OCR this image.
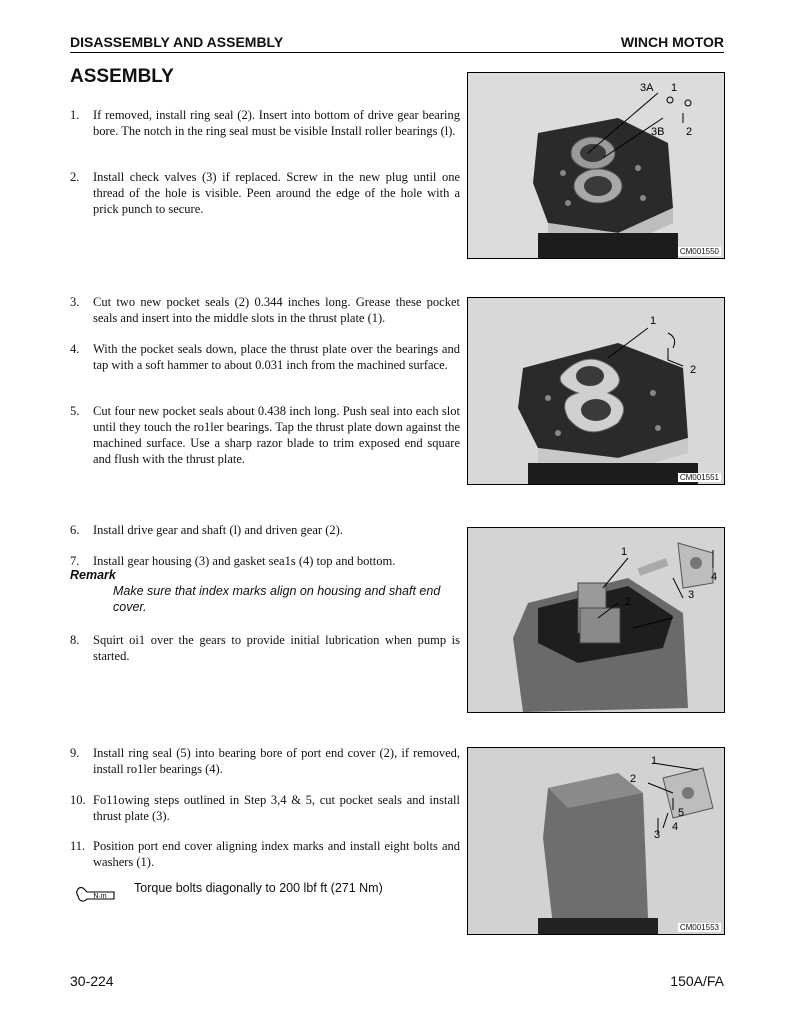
DISASSEMBLY AND ASSEMBLY	WINCH MOTOR
ASSEMBLY
1. If removed, install ring seal (2). Insert into bottom of drive gear bearing bore. The notch in the ring seal must be visible Install roller bearings (l).
2. Install check valves (3) if replaced. Screw in the new plug until one thread of the hole is visible. Peen around the edge of the hole with a prick punch to secure.
3. Cut two new pocket seals (2) 0.344 inches long. Grease these pocket seals and insert into the middle slots in the thrust plate (1).
4. With the pocket seals down, place the thrust plate over the bearings and tap with a soft hammer to about 0.031 inch from the machined surface.
5. Cut four new pocket seals about 0.438 inch long. Push seal into each slot until they touch the ro1ler bearings. Tap the thrust plate down against the machined surface. Use a sharp razor blade to trim exposed end square and flush with the thrust plate.
6. Install drive gear and shaft (l) and driven gear (2).
7. Install gear housing (3) and gasket sea1s (4) top and bottom.
Remark
Make sure that index marks align on housing and shaft end cover.
8. Squirt oi1 over the gears to provide initial lubrication when pump is started.
9. Install ring seal (5) into bearing bore of port end cover (2), if removed, install ro1ler bearings (4).
10. Fo11owing steps outlined in Step 3,4 & 5, cut pocket seals and install thrust plate (3).
11. Position port end cover aligning index marks and install eight bolts and washers (1).
N·m
Torque bolts diagonally to 200 lbf ft (271 Nm)
3A 1
3B 2
CM001550
1
2
CM001551
1
4
3
2
1
2
5
4
3
CM001553
30-224	150A/FA
